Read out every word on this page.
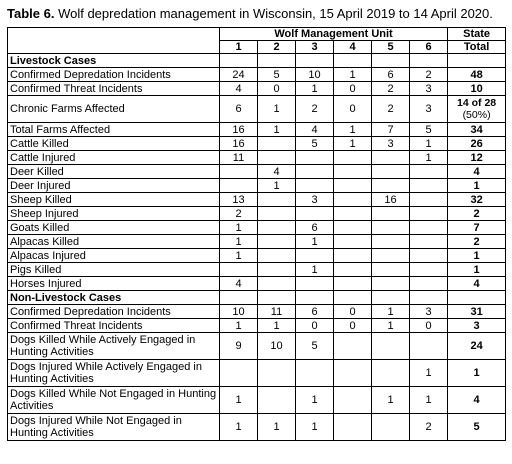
Table 6. Wolf depredation management in Wisconsin, 15 April 2019 to 14 April 2020.
	Wolf Management Unit						State
	1	2	3	4	5	6	Total
Livestock Cases							
Confirmed Depredation Incidents	24	5	10	1	6	2	48

Confirmed Threat Incidents	4	0	1	0	2	3	10

Chronic Farms Affected	6	1	2	0	2	3	14 of 28
(50%)

Total Farms Affected	16	1	4	1	7	5	34

Cattle Killed	16		5	1	3	1	26

Cattle Injured	11					1	12

Deer Killed		4					4

Deer Injured		1					1

Sheep Killed	13		3		16		32

Sheep Injured	2						2

Goats Killed	1		6				7

Alpacas Killed	1		1				2

Alpacas Injured	1						1

Pigs Killed			1				1

Horses Injured	4						4

Non-Livestock Cases							
Confirmed Depredation Incidents	10	11	6	0	1	3	31

Confirmed Threat Incidents	1	1	0	0	1	0	3

Dogs Killed While Actively Engaged in Hunting Activities	9	10	5				24

Dogs Injured While Actively Engaged in Hunting Activities						1	1

Dogs Killed While Not Engaged in Hunting Activities	1		1		1	1	4

Dogs Injured While Not Engaged in Hunting Activities	1	1	1			2	5
